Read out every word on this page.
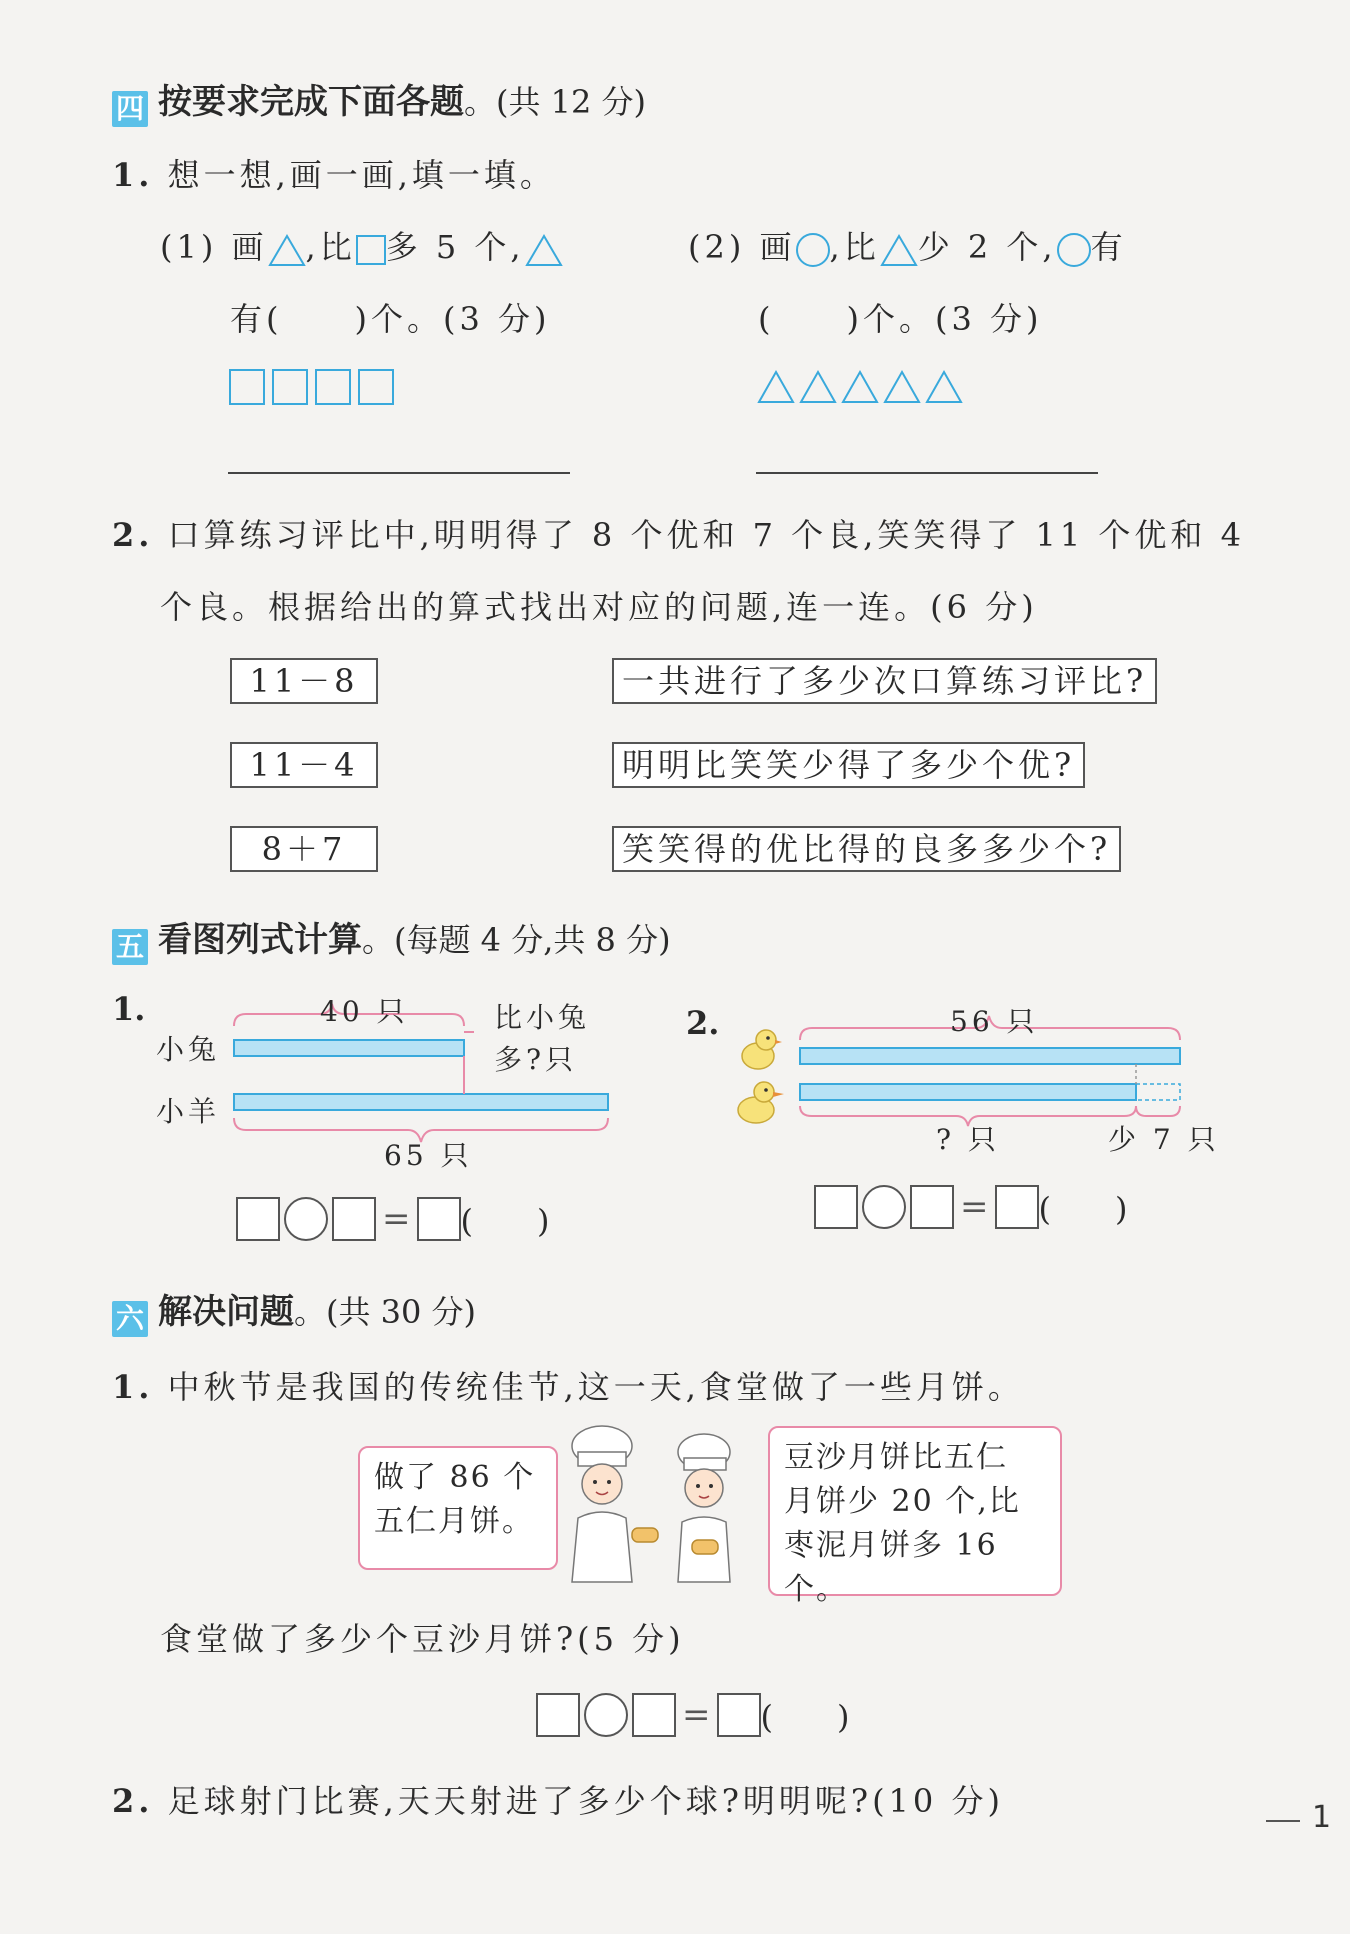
四 按要求完成下面各题。(共 12 分)
1. 想一想,画一画,填一填。
(1) 画 ,比 多 5 个,
有(　　)个。(3 分)
(2) 画 ,比 少 2 个, 有
(　　)个。(3 分)
2. 口算练习评比中,明明得了 8 个优和 7 个良,笑笑得了 11 个优和 4
个良。根据给出的算式找出对应的问题,连一连。(6 分)
11－8
11－4
8＋7
一共进行了多少次口算练习评比?
明明比笑笑少得了多少个优?
笑笑得的优比得的良多多少个?
五 看图列式计算。(每题 4 分,共 8 分)
1.	40 只
小兔
小羊
比小兔
多?只
65 只
= (　　)
2.	56 只
? 只	少 7 只
= (　　)
六 解决问题。(共 30 分)
1. 中秋节是我国的传统佳节,这一天,食堂做了一些月饼。
做了 86 个
五仁月饼。
豆沙月饼比五仁
月饼少 20 个,比
枣泥月饼多 16 个。
食堂做了多少个豆沙月饼?(5 分)
= (　　)
2. 足球射门比赛,天天射进了多少个球?明明呢?(10 分)	1
